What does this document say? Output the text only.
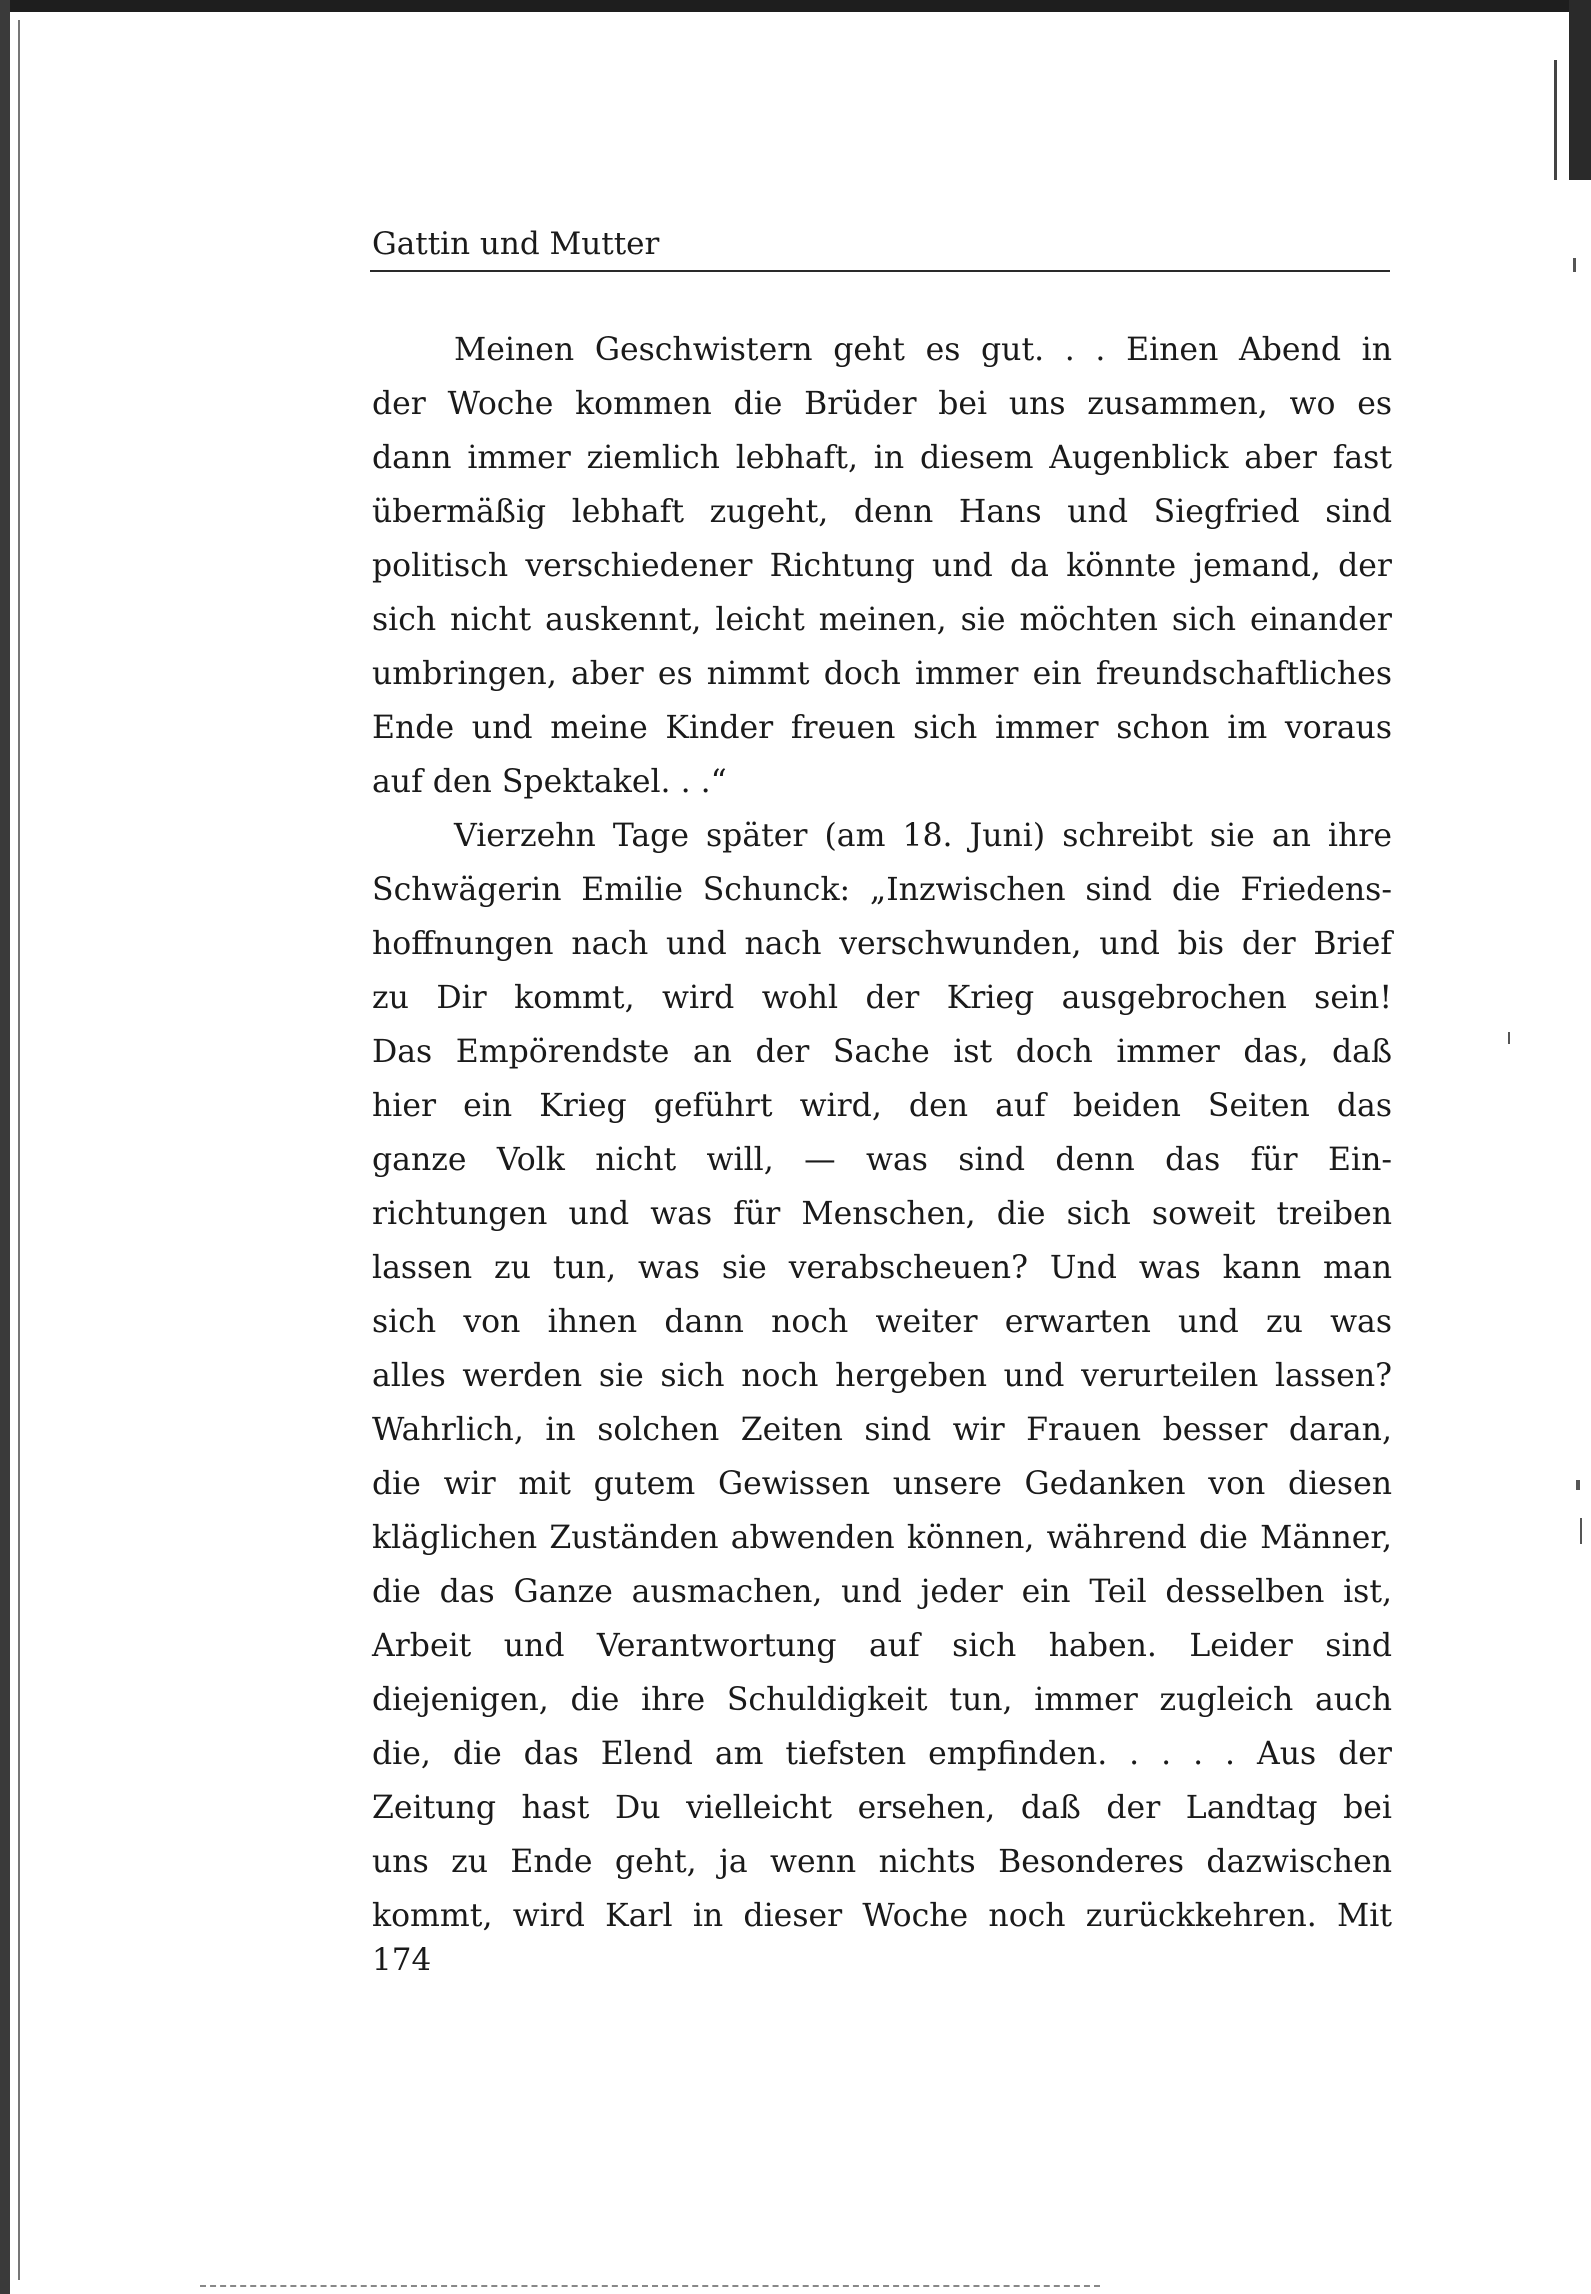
Gattin und Mutter
Meinen Geschwistern geht es gut. . . Einen Abend in
der Woche kommen die Brüder bei uns zusammen, wo es
dann immer ziemlich lebhaft, in diesem Augenblick aber fast
übermäßig lebhaft zugeht, denn Hans und Siegfried sind
politisch verschiedener Richtung und da könnte jemand, der
sich nicht auskennt, leicht meinen, sie möchten sich einander
umbringen, aber es nimmt doch immer ein freundschaftliches
Ende und meine Kinder freuen sich immer schon im voraus
auf den Spektakel. . .“
Vierzehn Tage später (am 18. Juni) schreibt sie an ihre
Schwägerin Emilie Schunck: „Inzwischen sind die Friedens-
hoffnungen nach und nach verschwunden, und bis der Brief
zu Dir kommt, wird wohl der Krieg ausgebrochen sein!
Das Empörendste an der Sache ist doch immer das, daß
hier ein Krieg geführt wird, den auf beiden Seiten das
ganze Volk nicht will, — was sind denn das für Ein-
richtungen und was für Menschen, die sich soweit treiben
lassen zu tun, was sie verabscheuen? Und was kann man
sich von ihnen dann noch weiter erwarten und zu was
alles werden sie sich noch hergeben und verurteilen lassen?
Wahrlich, in solchen Zeiten sind wir Frauen besser daran,
die wir mit gutem Gewissen unsere Gedanken von diesen
kläglichen Zuständen abwenden können, während die Männer,
die das Ganze ausmachen, und jeder ein Teil desselben ist,
Arbeit und Verantwortung auf sich haben. Leider sind
diejenigen, die ihre Schuldigkeit tun, immer zugleich auch
die, die das Elend am tiefsten empfinden. . . . . Aus der
Zeitung hast Du vielleicht ersehen, daß der Landtag bei
uns zu Ende geht, ja wenn nichts Besonderes dazwischen
kommt, wird Karl in dieser Woche noch zurückkehren. Mit
174
